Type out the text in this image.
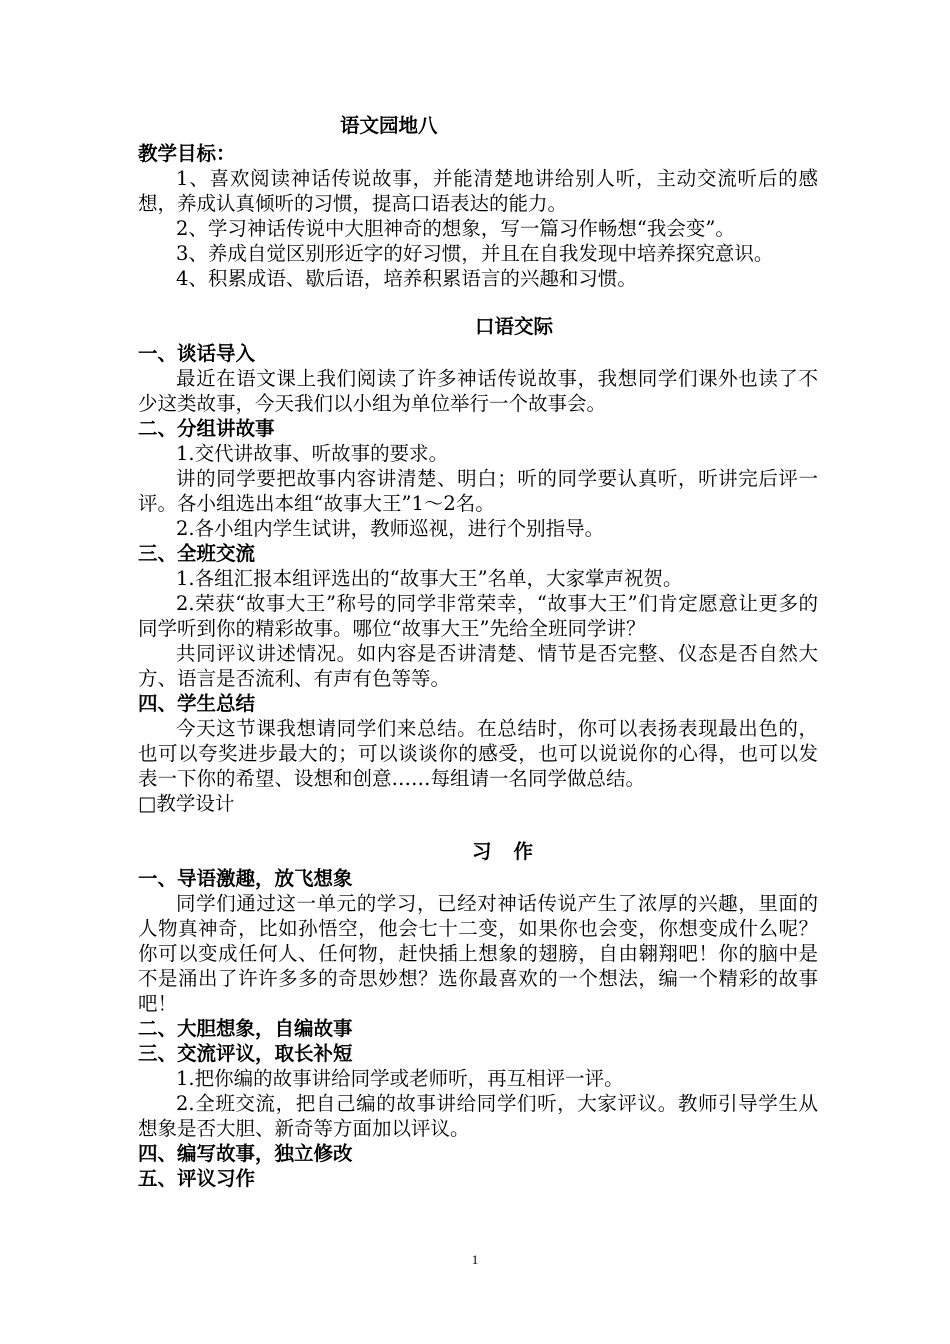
语文园地八
教学目标：

1、喜欢阅读神话传说故事，并能清楚地讲给别人听，主动交流听后的感想，养成认真倾听的习惯，提高口语表达的能力。

2、学习神话传说中大胆神奇的想象，写一篇习作畅想“我会变”。

3、养成自觉区别形近字的好习惯，并且在自我发现中培养探究意识。

4、积累成语、歇后语，培养积累语言的兴趣和习惯。

口语交际
一、谈话导入

最近在语文课上我们阅读了许多神话传说故事，我想同学们课外也读了不少这类故事，今天我们以小组为单位举行一个故事会。

二、分组讲故事

1.交代讲故事、听故事的要求。

讲的同学要把故事内容讲清楚、明白；听的同学要认真听，听讲完后评一评。各小组选出本组“故事大王”1～2名。

2.各小组内学生试讲，教师巡视，进行个别指导。

三、全班交流

1.各组汇报本组评选出的“故事大王”名单，大家掌声祝贺。

2.荣获“故事大王”称号的同学非常荣幸，“故事大王”们肯定愿意让更多的同学听到你的精彩故事。哪位“故事大王”先给全班同学讲？

共同评议讲述情况。如内容是否讲清楚、情节是否完整、仪态是否自然大方、语言是否流利、有声有色等等。

四、学生总结

今天这节课我想请同学们来总结。在总结时，你可以表扬表现最出色的，也可以夸奖进步最大的；可以谈谈你的感受，也可以说说你的心得，也可以发表一下你的希望、设想和创意……每组请一名同学做总结。

□教学设计

习作
一、导语激趣，放飞想象

同学们通过这一单元的学习，已经对神话传说产生了浓厚的兴趣，里面的人物真神奇，比如孙悟空，他会七十二变，如果你也会变，你想变成什么呢？你可以变成任何人、任何物，赶快插上想象的翅膀，自由翱翔吧！你的脑中是不是涌出了许许多多的奇思妙想？选你最喜欢的一个想法，编一个精彩的故事吧！

二、大胆想象，自编故事
三、交流评议，取长补短

1.把你编的故事讲给同学或老师听，再互相评一评。

2.全班交流，把自己编的故事讲给同学们听，大家评议。教师引导学生从想象是否大胆、新奇等方面加以评议。

四、编写故事，独立修改
五、评议习作
1
